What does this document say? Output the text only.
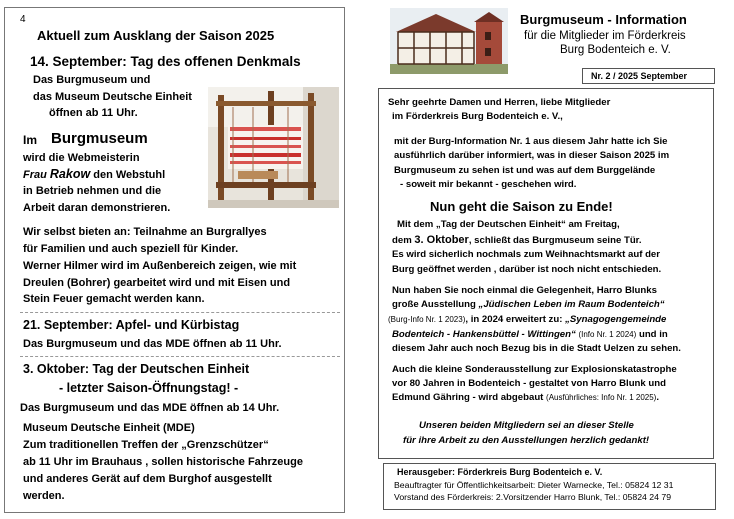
4
Aktuell zum Ausklang der Saison 2025
14. September: Tag des offenen Denkmals
Das Burgmuseum und
das Museum Deutsche Einheit
öffnen ab 11 Uhr.
Im Burgmuseum
wird die Webmeisterin
Frau Rakow den Webstuhl
in Betrieb nehmen und die
Arbeit daran demonstrieren.
Wir selbst bieten an: Teilnahme an Burgrallyes
für Familien und auch speziell für Kinder.
Werner Hilmer wird im Außenbereich zeigen, wie mit
Dreulen (Bohrer) gearbeitet wird und mit Eisen und
Stein Feuer gemacht werden kann.
21. September: Apfel- und Kürbistag
Das Burgmuseum und das MDE öffnen ab 11 Uhr.
3. Oktober: Tag der Deutschen Einheit
- letzter Saison-Öffnungstag! -
Das Burgmuseum und das MDE öffnen ab 14 Uhr.
Museum Deutsche Einheit (MDE)
Zum traditionellen Treffen der „Grenzschützer“
ab 11 Uhr im Brauhaus , sollen historische Fahrzeuge
und anderes Gerät auf dem Burghof ausgestellt
werden.
Burgmuseum - Information
für die Mitglieder im Förderkreis
Burg Bodenteich e. V.
Nr. 2 / 2025 September
Sehr geehrte Damen und Herren, liebe Mitglieder
im Förderkreis Burg Bodenteich e. V.,
mit der Burg-Information Nr. 1 aus diesem Jahr hatte ich Sie
ausführlich darüber informiert, was in dieser Saison 2025 im
Burgmuseum zu sehen ist und was auf dem Burggelände
- soweit mir bekannt - geschehen wird.
Nun geht die Saison zu Ende!
Mit dem „Tag der Deutschen Einheit“ am Freitag,
dem 3. Oktober, schließt das Burgmuseum seine Tür.
Es wird sicherlich nochmals zum Weihnachtsmarkt auf der
Burg geöffnet werden , darüber ist noch nicht entschieden.
Nun haben Sie noch einmal die Gelegenheit, Harro Blunks
große Ausstellung „Jüdischen Leben im Raum Bodenteich“
(Burg-Info Nr. 1 2023), in 2024 erweitert zu: „Synagogengemeinde
Bodenteich - Hankensbüttel - Wittingen“ (Info Nr. 1 2024) und in
diesem Jahr auch noch Bezug bis in die Stadt Uelzen zu sehen.
Auch die kleine Sonderausstellung zur Explosionskatastrophe
vor 80 Jahren in Bodenteich - gestaltet von Harro Blunk und
Edmund Gähring - wird abgebaut (Ausführliches: Info Nr. 1 2025).
Unseren beiden Mitgliedern sei an dieser Stelle
für ihre Arbeit zu den Ausstellungen herzlich gedankt!
Herausgeber: Förderkreis Burg Bodenteich e. V.
Beauftragter für Öffentlichkeitsarbeit: Dieter Warnecke, Tel.: 05824 12 31
Vorstand des Förderkreis: 2.Vorsitzender Harro Blunk, Tel.: 05824 24 79
